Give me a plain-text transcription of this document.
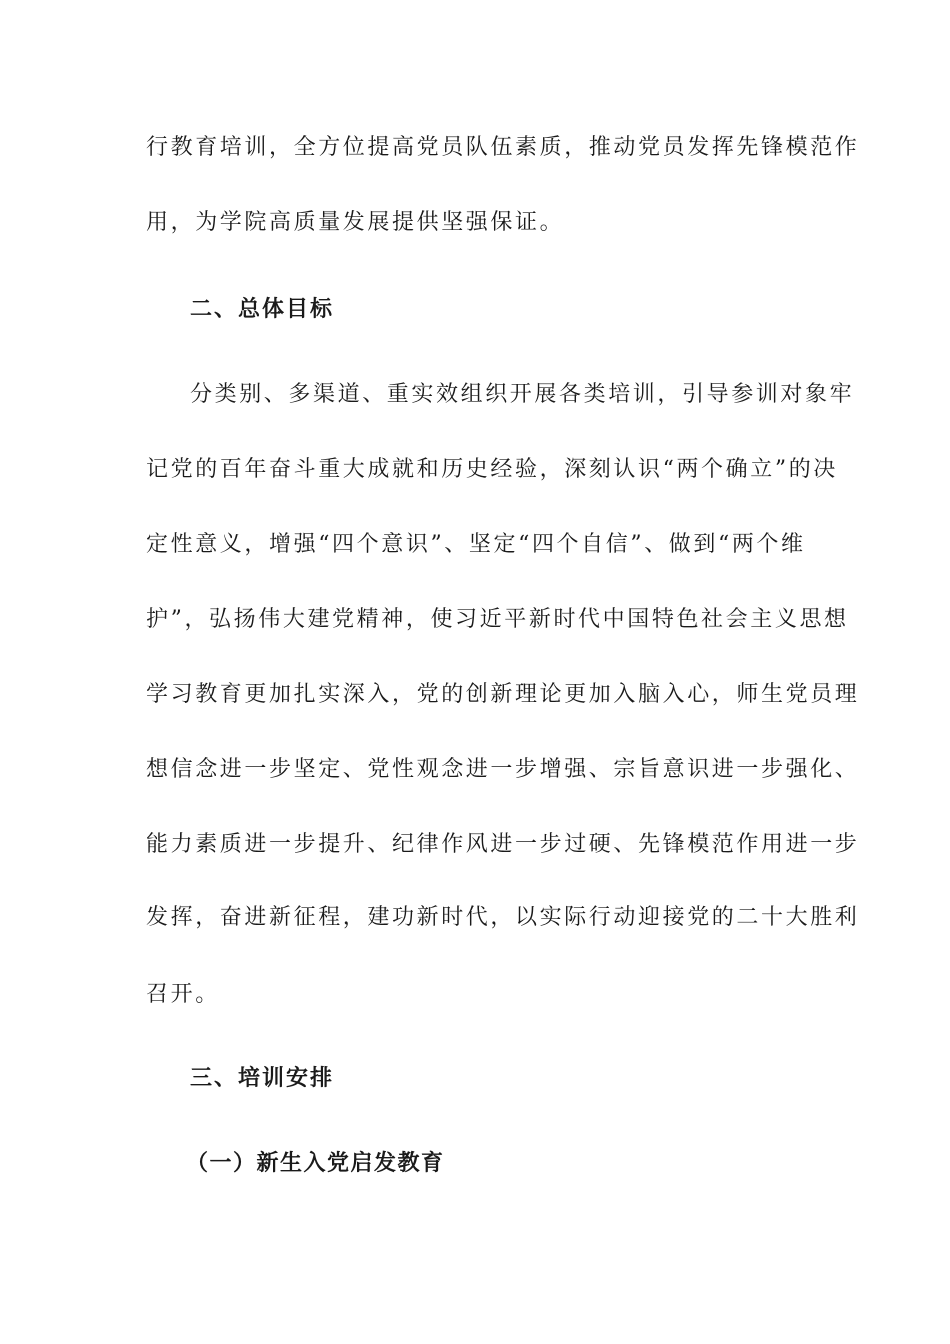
行教育培训，全方位提高党员队伍素质，推动党员发挥先锋模范作
用，为学院高质量发展提供坚强保证。
二、总体目标
分类别、多渠道、重实效组织开展各类培训，引导参训对象牢
记党的百年奋斗重大成就和历史经验，深刻认识“两个确立”的决
定性意义，增强“四个意识”、坚定“四个自信”、做到“两个维
护”，弘扬伟大建党精神，使习近平新时代中国特色社会主义思想
学习教育更加扎实深入，党的创新理论更加入脑入心，师生党员理
想信念进一步坚定、党性观念进一步增强、宗旨意识进一步强化、
能力素质进一步提升、纪律作风进一步过硬、先锋模范作用进一步
发挥，奋进新征程，建功新时代，以实际行动迎接党的二十大胜利
召开。
三、培训安排
（一）新生入党启发教育
